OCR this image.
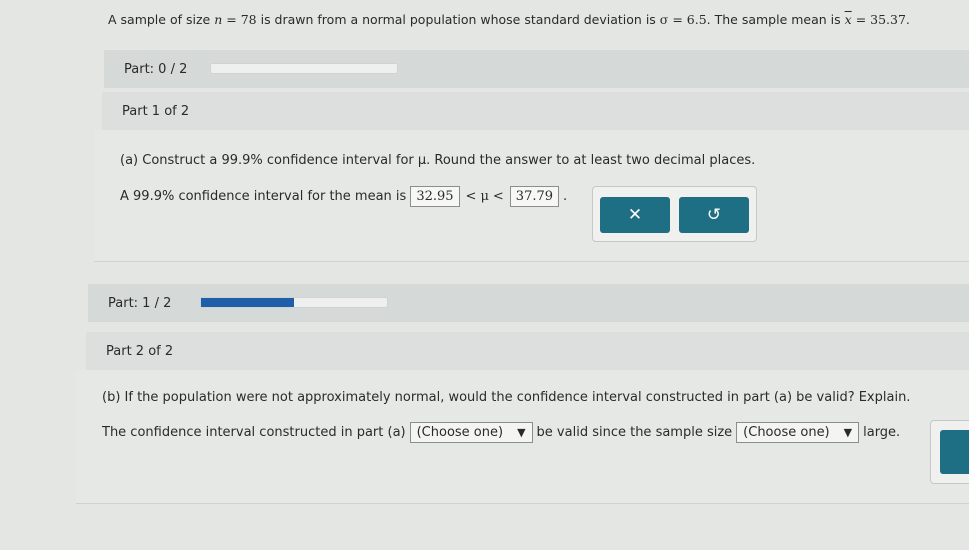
A sample of size n = 78 is drawn from a normal population whose standard deviation is σ = 6.5. The sample mean is $\overline{x} = 35.37$.
Part: 0 / 2
Part 1 of 2
(a) Construct a 99.9% confidence interval for μ. Round the answer to at least two decimal places.
A 99.9% confidence interval for the mean is 32.95 < μ < 37.79 .
✕	↺
Part: 1 / 2
Part 2 of 2
(b) If the population were not approximately normal, would the confidence interval constructed in part (a) be valid? Explain.
The confidence interval constructed in part (a) (Choose one) ▼ be valid since the sample size (Choose one) ▼ large.
